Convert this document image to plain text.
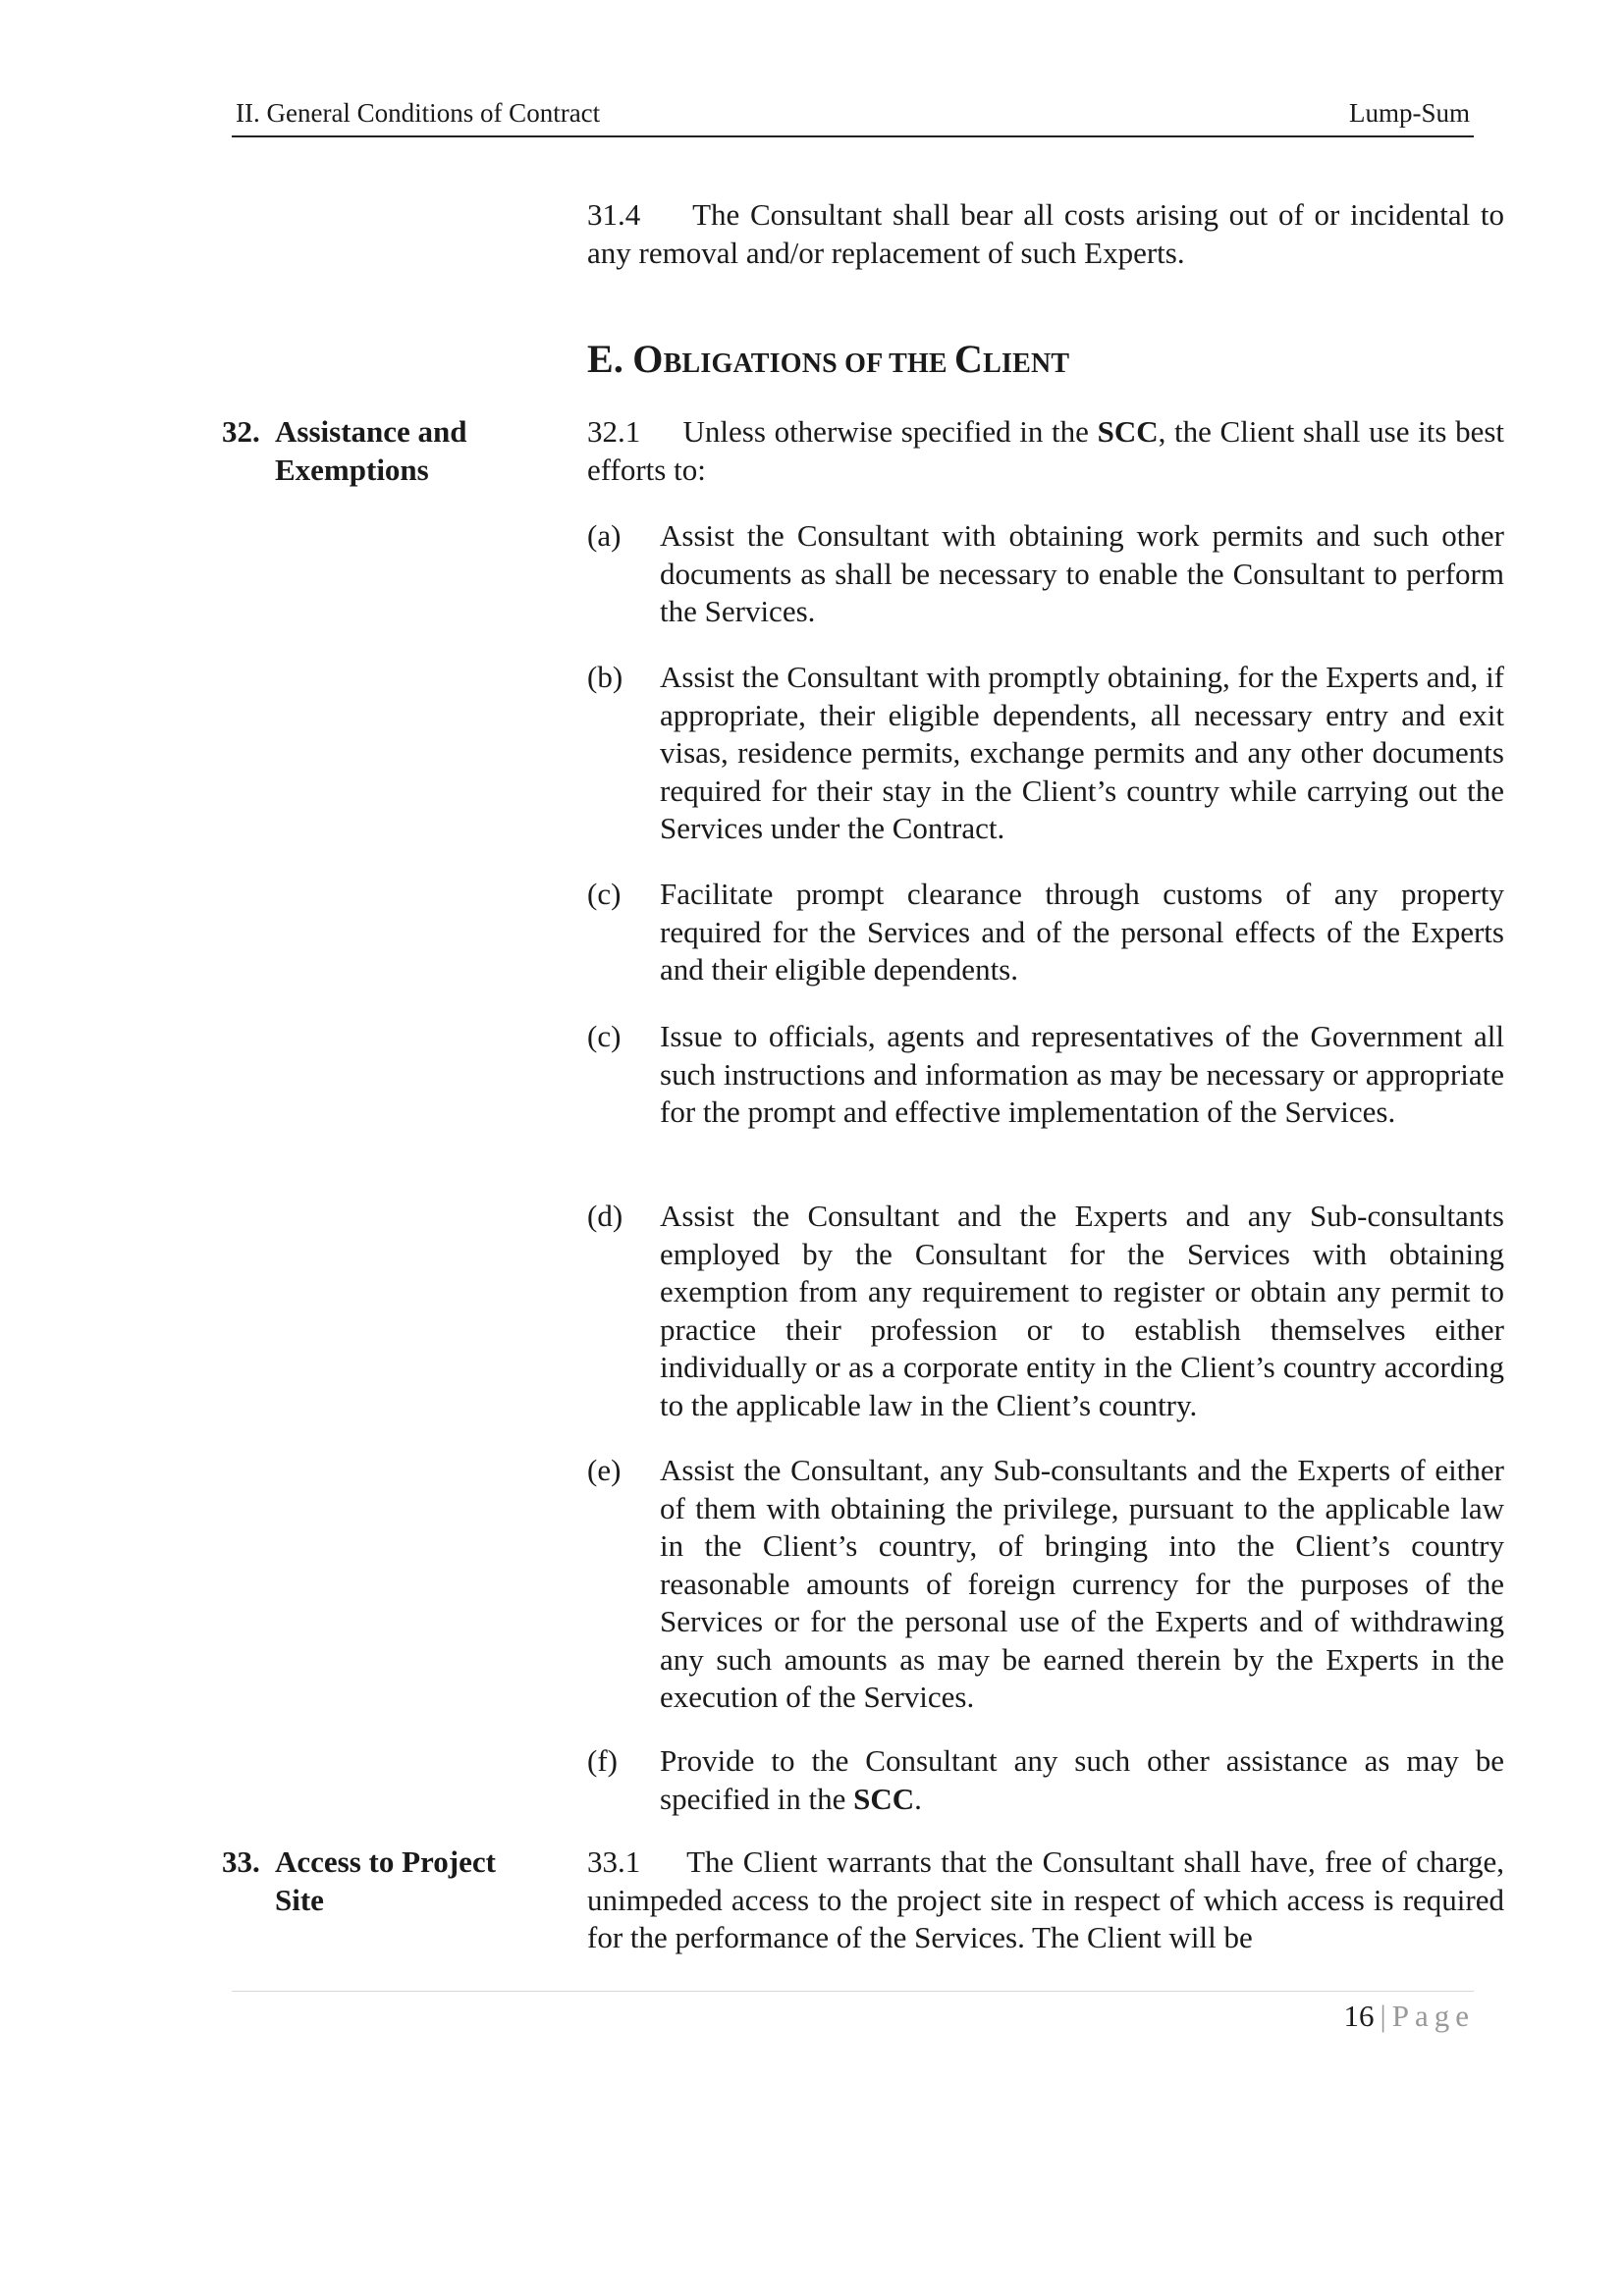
II. General Conditions of Contract	Lump-Sum
31.4 The Consultant shall bear all costs arising out of or incidental to any removal and/or replacement of such Experts.
E. OBLIGATIONS OF THE CLIENT
32. Assistance and
Exemptions
32.1 Unless otherwise specified in the SCC, the Client shall use its best efforts to:
(a)	Assist the Consultant with obtaining work permits and such other documents as shall be necessary to enable the Consultant to perform the Services.
(b)	Assist the Consultant with promptly obtaining, for the Experts and, if appropriate, their eligible dependents, all necessary entry and exit visas, residence permits, exchange permits and any other documents required for their stay in the Client’s country while carrying out the Services under the Contract.
(c)	Facilitate prompt clearance through customs of any property required for the Services and of the personal effects of the Experts and their eligible dependents.
(c)	Issue to officials, agents and representatives of the Government all such instructions and information as may be necessary or appropriate for the prompt and effective implementation of the Services.
(d)	Assist the Consultant and the Experts and any Sub-consultants employed by the Consultant for the Services with obtaining exemption from any requirement to register or obtain any permit to practice their profession or to establish themselves either individually or as a corporate entity in the Client’s country according to the applicable law in the Client’s country.
(e)	Assist the Consultant, any Sub-consultants and the Experts of either of them with obtaining the privilege, pursuant to the applicable law in the Client’s country, of bringing into the Client’s country reasonable amounts of foreign currency for the purposes of the Services or for the personal use of the Experts and of withdrawing any such amounts as may be earned therein by the Experts in the execution of the Services.
(f)	Provide to the Consultant any such other assistance as may be specified in the SCC.
33. Access to Project
Site
33.1 The Client warrants that the Consultant shall have, free of charge, unimpeded access to the project site in respect of which access is required for the performance of the Services. The Client will be
16 | Page
